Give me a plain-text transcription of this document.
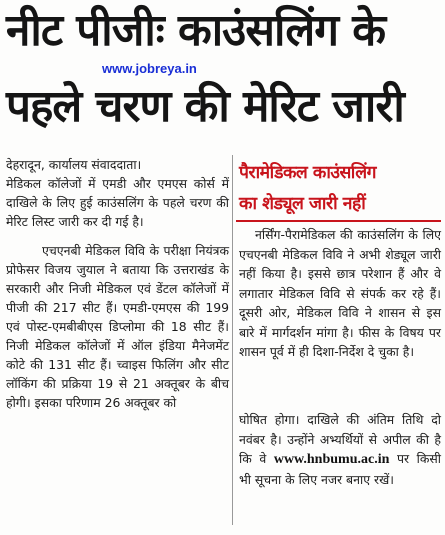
नीट पीजीः काउंसलिंग के
www.jobreya.in
पहले चरण की मेरिट जारी

देहरादून, कार्यालय संवाददाता।

मेडिकल कॉलेजों में एमडी और एमएस कोर्स में दाखिले के लिए हुई काउंसलिंग के पहले चरण की मेरिट लिस्ट जारी कर दी गई है।

एचएनबी मेडिकल विवि के परीक्षा नियंत्रक प्रोफेसर विजय जुयाल ने बताया कि उत्तराखंड के सरकारी और निजी मेडिकल एवं डेंटल कॉलेजों में पीजी की 217 सीट हैं। एमडी-एमएस की 199 एवं पोस्ट-एमबीबीएस डिप्लोमा की 18 सीट हैं। निजी मेडिकल कॉलेजों में ऑल इंडिया मैनेजमेंट कोटे की 131 सीट हैं। च्वाइस फिलिंग और सीट लॉकिंग की प्रक्रिया 19 से 21 अक्तूबर के बीच होगी। इसका परिणाम 26 अक्तूबर को

पैरामेडिकल काउंसलिंग
का शेड्यूल जारी नहीं

नर्सिंग-पैरामेडिकल की काउंसलिंग के लिए एचएनबी मेडिकल विवि ने अभी शेड्यूल जारी नहीं किया है। इससे छात्र परेशान हैं और वे लगातार मेडिकल विवि से संपर्क कर रहे हैं। दूसरी ओर, मेडिकल विवि ने शासन से इस बारे में मार्गदर्शन मांगा है। फीस के विषय पर शासन पूर्व में ही दिशा-निर्देश दे चुका है।

घोषित होगा। दाखिले की अंतिम तिथि दो नवंबर है। उन्होंने अभ्यर्थियों से अपील की है कि वे www.hnbumu.ac.in पर किसी भी सूचना के लिए नजर बनाए रखें।
